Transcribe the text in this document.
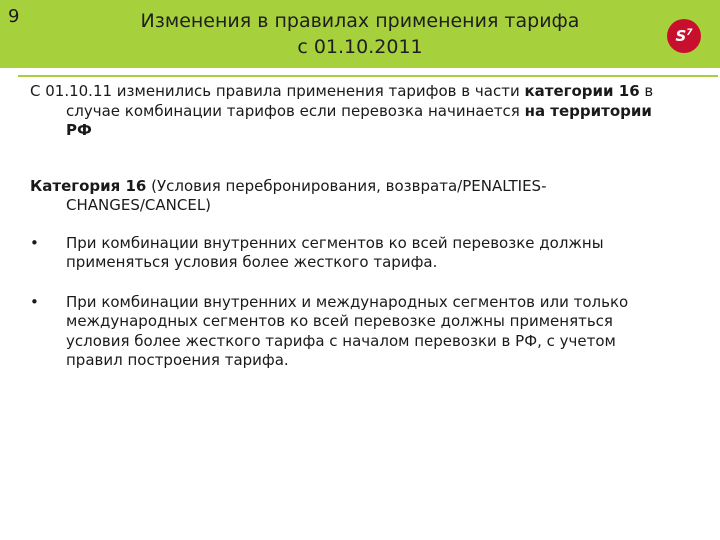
9	Изменения в правилах применения тарифа
с 01.10.2011	$S^7$

С 01.10.11 изменились правила применения тарифов в части категории 16 в случае комбинации тарифов если перевозка начинается на территории РФ

Категория 16 (Условия перебронирования, возврата/PENALTIES-CHANGES/CANCEL)

• При комбинации внутренних сегментов ко всей перевозке должны применяться условия более жесткого тарифа.
• При комбинации внутренних и международных сегментов или только международных сегментов ко всей перевозке должны применяться условия более жесткого тарифа с началом перевозки в РФ, с учетом правил построения тарифа.
